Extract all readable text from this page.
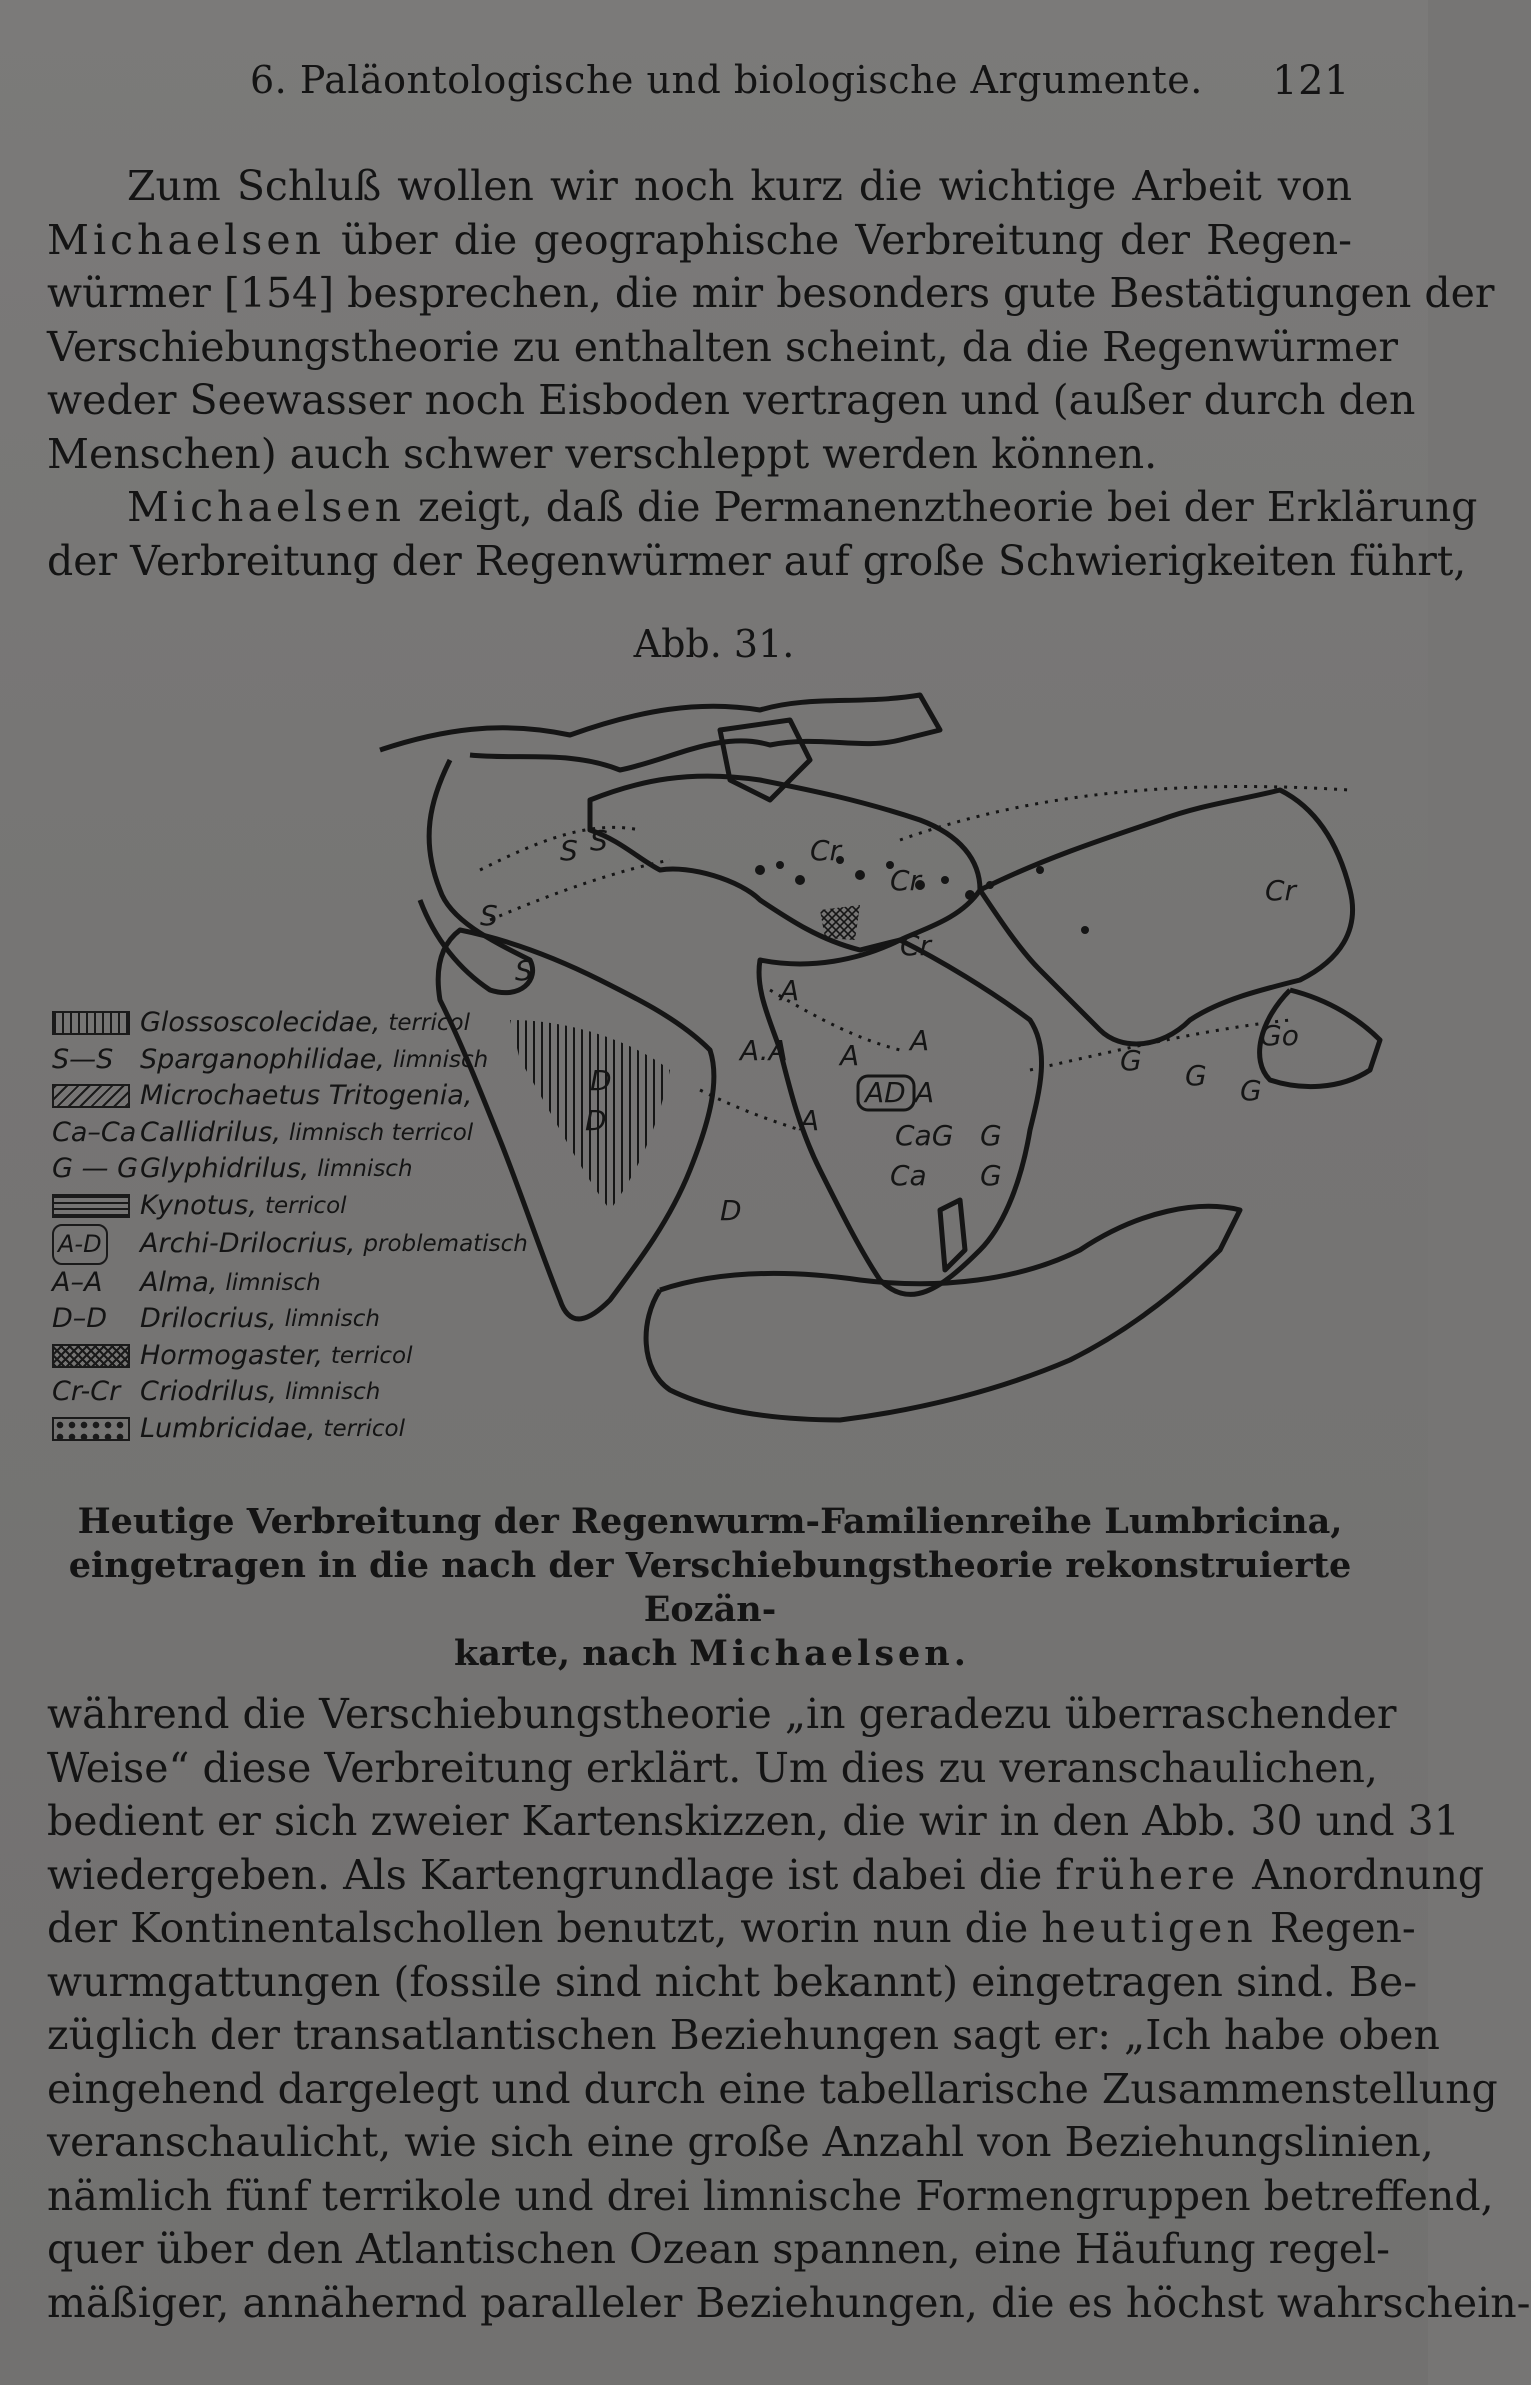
6. Paläontologische und biologische Argumente. 121
Zum Schluß wollen wir noch kurz die wichtige Arbeit von
Michaelsen über die geographische Verbreitung der Regen-
würmer [154] besprechen, die mir besonders gute Bestätigungen der
Verschiebungstheorie zu enthalten scheint, da die Regenwürmer
weder Seewasser noch Eisboden vertragen und (außer durch den
Menschen) auch schwer verschleppt werden können.
Michaelsen zeigt, daß die Permanenztheorie bei der Erklärung
der Verbreitung der Regenwürmer auf große Schwierigkeiten führt,
Abb. 31.
S S
S
S
Cr
Cr
Cr
A
A.A A A
A
AD A
CaG
Ca
D
D
D
G
G
G G G
Go
Cr
Glossoscolecidae, terricol
S—S Sparganophilidae, limnisch
Microchaetus Tritogenia,
Ca–Ca Callidrilus, limnisch terricol
G — G Glyphidrilus, limnisch
Kynotus, terricol
A-D Archi-Drilocrius, problematisch
A–A Alma, limnisch
D–D Drilocrius, limnisch
Hormogaster, terricol
Cr-Cr Criodrilus, limnisch
Lumbricidae, terricol
Heutige Verbreitung der Regenwurm-Familienreihe Lumbricina,
eingetragen in die nach der Verschiebungstheorie rekonstruierte Eozän-
karte, nach Michaelsen.
während die Verschiebungstheorie „in geradezu überraschender
Weise“ diese Verbreitung erklärt. Um dies zu veranschaulichen,
bedient er sich zweier Kartenskizzen, die wir in den Abb. 30 und 31
wiedergeben. Als Kartengrundlage ist dabei die frühere Anordnung
der Kontinentalschollen benutzt, worin nun die heutigen Regen-
wurmgattungen (fossile sind nicht bekannt) eingetragen sind. Be-
züglich der transatlantischen Beziehungen sagt er: „Ich habe oben
eingehend dargelegt und durch eine tabellarische Zusammenstellung
veranschaulicht, wie sich eine große Anzahl von Beziehungslinien,
nämlich fünf terrikole und drei limnische Formengruppen betreffend,
quer über den Atlantischen Ozean spannen, eine Häufung regel-
mäßiger, annähernd paralleler Beziehungen, die es höchst wahrschein-
